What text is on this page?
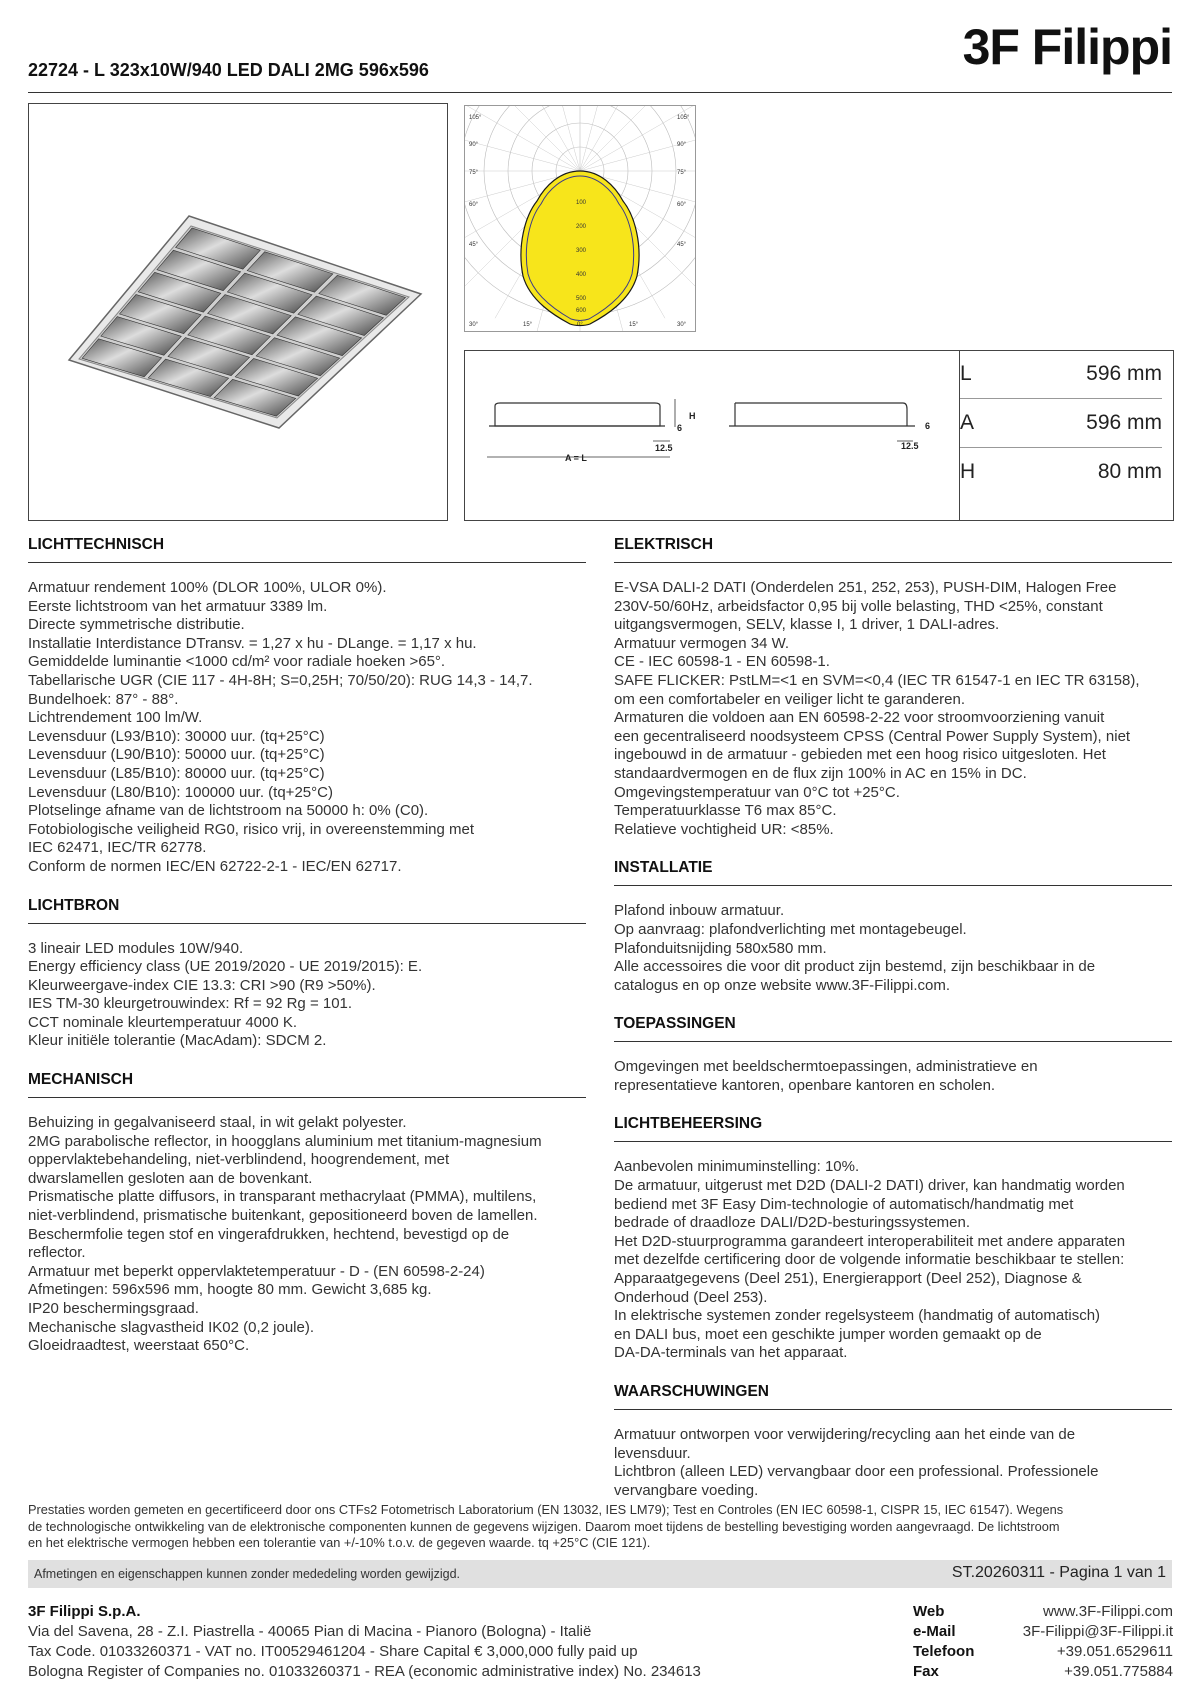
22724 - L 323x10W/940 LED DALI 2MG 596x596	3F Filippi
105°
90°
75°
60°
45°
105°
90°
75°
60°
45°
30°	15°	0°	15°	30°
100
200
300
400
500
600
H
6
12.5
6
12.5
A = L
L	596 mm
A	596 mm
H	80 mm
LICHTTECHNISCH
Armatuur rendement 100% (DLOR 100%, ULOR 0%).
Eerste lichtstroom van het armatuur 3389 lm.
Directe symmetrische distributie.
Installatie Interdistance DTransv. = 1,27 x hu - DLange. = 1,17 x hu.
Gemiddelde luminantie <1000 cd/m² voor radiale hoeken >65°.
Tabellarische UGR (CIE 117 - 4H-8H; S=0,25H; 70/50/20): RUG 14,3 - 14,7.
Bundelhoek: 87° - 88°.
Lichtrendement 100 lm/W.
Levensduur (L93/B10): 30000 uur. (tq+25°C)
Levensduur (L90/B10): 50000 uur. (tq+25°C)
Levensduur (L85/B10): 80000 uur. (tq+25°C)
Levensduur (L80/B10): 100000 uur. (tq+25°C)
Plotselinge afname van de lichtstroom na 50000 h: 0% (C0).
Fotobiologische veiligheid RG0, risico vrij, in overeenstemming met
IEC 62471, IEC/TR 62778.
Conform de normen IEC/EN 62722-2-1 - IEC/EN 62717.
LICHTBRON
3 lineair LED modules 10W/940.
Energy efficiency class (UE 2019/2020 - UE 2019/2015): E.
Kleurweergave-index CIE 13.3: CRI >90 (R9 >50%).
IES TM-30 kleurgetrouwindex: Rf = 92 Rg = 101.
CCT nominale kleurtemperatuur 4000 K.
Kleur initiële tolerantie (MacAdam): SDCM 2.
MECHANISCH
Behuizing in gegalvaniseerd staal, in wit gelakt polyester.
2MG parabolische reflector, in hoogglans aluminium met titanium-magnesium
oppervlaktebehandeling, niet-verblindend, hoogrendement, met
dwarslamellen gesloten aan de bovenkant.
Prismatische platte diffusors, in transparant methacrylaat (PMMA), multilens,
niet-verblindend, prismatische buitenkant, gepositioneerd boven de lamellen.
Beschermfolie tegen stof en vingerafdrukken, hechtend, bevestigd op de
reflector.
Armatuur met beperkt oppervlaktetemperatuur - D - (EN 60598-2-24)
Afmetingen: 596x596 mm, hoogte 80 mm. Gewicht 3,685 kg.
IP20 beschermingsgraad.
Mechanische slagvastheid IK02 (0,2 joule).
Gloeidraadtest, weerstaat 650°C.
ELEKTRISCH
E-VSA DALI-2 DATI (Onderdelen 251, 252, 253), PUSH-DIM, Halogen Free
230V-50/60Hz, arbeidsfactor 0,95 bij volle belasting, THD <25%, constant
uitgangsvermogen, SELV, klasse I, 1 driver, 1 DALI-adres.
Armatuur vermogen 34 W.
CE - IEC 60598-1 - EN 60598-1.
SAFE FLICKER: PstLM=<1 en SVM=<0,4 (IEC TR 61547-1 en IEC TR 63158),
om een comfortabeler en veiliger licht te garanderen.
Armaturen die voldoen aan EN 60598-2-22 voor stroomvoorziening vanuit
een gecentraliseerd noodsysteem CPSS (Central Power Supply System), niet
ingebouwd in de armatuur - gebieden met een hoog risico uitgesloten. Het
standaardvermogen en de flux zijn 100% in AC en 15% in DC.
Omgevingstemperatuur van 0°C tot +25°C.
Temperatuurklasse T6 max 85°C.
Relatieve vochtigheid UR: <85%.
INSTALLATIE
Plafond inbouw armatuur.
Op aanvraag: plafondverlichting met montagebeugel.
Plafonduitsnijding 580x580 mm.
Alle accessoires die voor dit product zijn bestemd, zijn beschikbaar in de
catalogus en op onze website www.3F-Filippi.com.
TOEPASSINGEN
Omgevingen met beeldschermtoepassingen, administratieve en
representatieve kantoren, openbare kantoren en scholen.
LICHTBEHEERSING
Aanbevolen minimuminstelling: 10%.
De armatuur, uitgerust met D2D (DALI-2 DATI) driver, kan handmatig worden
bediend met 3F Easy Dim-technologie of automatisch/handmatig met
bedrade of draadloze DALI/D2D-besturingssystemen.
Het D2D-stuurprogramma garandeert interoperabiliteit met andere apparaten
met dezelfde certificering door de volgende informatie beschikbaar te stellen:
Apparaatgegevens (Deel 251), Energierapport (Deel 252), Diagnose &
Onderhoud (Deel 253).
In elektrische systemen zonder regelsysteem (handmatig of automatisch)
en DALI bus, moet een geschikte jumper worden gemaakt op de
DA-DA-terminals van het apparaat.
WAARSCHUWINGEN
Armatuur ontworpen voor verwijdering/recycling aan het einde van de
levensduur.
Lichtbron (alleen LED) vervangbaar door een professional. Professionele
vervangbare voeding.
Prestaties worden gemeten en gecertificeerd door ons CTFs2 Fotometrisch Laboratorium (EN 13032, IES LM79); Test en Controles (EN IEC 60598-1, CISPR 15, IEC 61547). Wegens
de technologische ontwikkeling van de elektronische componenten kunnen de gegevens wijzigen. Daarom moet tijdens de bestelling bevestiging worden aangevraagd. De lichtstroom
en het elektrische vermogen hebben een tolerantie van +/-10% t.o.v. de gegeven waarde. tq +25°C (CIE 121).
Afmetingen en eigenschappen kunnen zonder mededeling worden gewijzigd.	ST.20260311 - Pagina 1 van 1
3F Filippi S.p.A.
Via del Savena, 28 - Z.I. Piastrella - 40065 Pian di Macina - Pianoro (Bologna) - Italië
Tax Code. 01033260371 - VAT no. IT00529461204 - Share Capital € 3,000,000 fully paid up
Bologna Register of Companies no. 01033260371 - REA (economic administrative index) No. 234613
Web	www.3F-Filippi.com
e-Mail	3F-Filippi@3F-Filippi.it
Telefoon	+39.051.6529611
Fax	+39.051.775884
